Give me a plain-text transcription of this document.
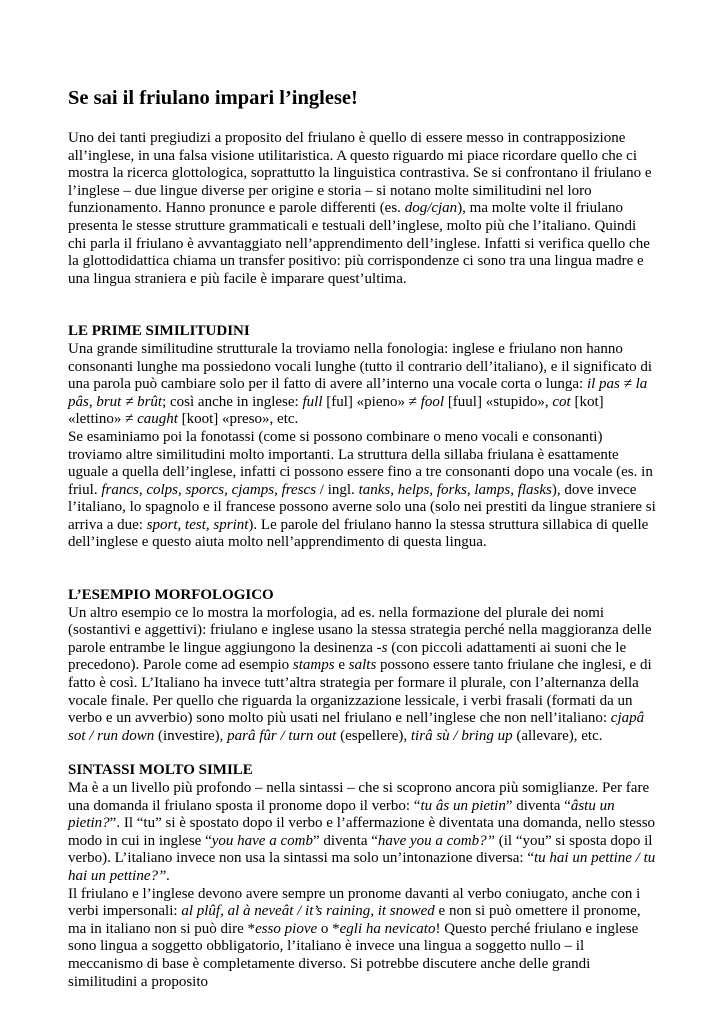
Se sai il friulano impari l’inglese!

Uno dei tanti pregiudizi a proposito del friulano è quello di essere messo in contrapposizione all’inglese, in una falsa visione utilitaristica. A questo riguardo mi piace ricordare quello che ci mostra la ricerca glottologica, soprattutto la linguistica contrastiva. Se si confrontano il friulano e l’inglese – due lingue diverse per origine e storia – si notano molte similitudini nel loro funzionamento. Hanno pronunce e parole differenti (es. dog/cjan), ma molte volte il friulano presenta le stesse strutture grammaticali e testuali dell’inglese, molto più che l’italiano. Quindi chi parla il friulano è avvantaggiato nell’apprendimento dell’inglese. Infatti si verifica quello che la glottodidattica chiama un transfer positivo: più corrispondenze ci sono tra una lingua madre e una lingua straniera e più facile è imparare quest’ultima.

LE PRIME SIMILITUDINI

Una grande similitudine strutturale la troviamo nella fonologia: inglese e friulano non hanno consonanti lunghe ma possiedono vocali lunghe (tutto il contrario dell’italiano), e il significato di una parola può cambiare solo per il fatto di avere all’interno una vocale corta o lunga: il pas ≠ la pâs, brut ≠ brût; così anche in inglese: full [ful] «pieno» ≠ fool [fuul] «stupido», cot [kot] «lettino» ≠ caught [koot] «preso», etc.

Se esaminiamo poi la fonotassi (come si possono combinare o meno vocali e consonanti) troviamo altre similitudini molto importanti. La struttura della sillaba friulana è esattamente uguale a quella dell’inglese, infatti ci possono essere fino a tre consonanti dopo una vocale (es. in friul. francs, colps, sporcs, cjamps, frescs / ingl. tanks, helps, forks, lamps, flasks), dove invece l’italiano, lo spagnolo e il francese possono averne solo una (solo nei prestiti da lingue straniere si arriva a due: sport, test, sprint). Le parole del friulano hanno la stessa struttura sillabica di quelle dell’inglese e questo aiuta molto nell’apprendimento di questa lingua.

L’ESEMPIO MORFOLOGICO

Un altro esempio ce lo mostra la morfologia, ad es. nella formazione del plurale dei nomi (sostantivi e aggettivi): friulano e inglese usano la stessa strategia perché nella maggioranza delle parole entrambe le lingue aggiungono la desinenza -s (con piccoli adattamenti ai suoni che le precedono). Parole come ad esempio stamps e salts possono essere tanto friulane che inglesi, e di fatto è così. L’Italiano ha invece tutt’altra strategia per formare il plurale, con l’alternanza della vocale finale. Per quello che riguarda la organizzazione lessicale, i verbi frasali (formati da un verbo e un avverbio) sono molto più usati nel friulano e nell’inglese che non nell’italiano: cjapâ sot / run down (investire), parâ fûr / turn out (espellere), tirâ sù / bring up (allevare), etc.

SINTASSI MOLTO SIMILE

Ma è a un livello più profondo – nella sintassi – che si scoprono ancora più somiglianze. Per fare una domanda il friulano sposta il pronome dopo il verbo: “tu âs un pietin” diventa “âstu un pietin?”. Il “tu” si è spostato dopo il verbo e l’affermazione è diventata una domanda, nello stesso modo in cui in inglese “you have a comb” diventa “have you a comb?” (il “you” si sposta dopo il verbo). L’italiano invece non usa la sintassi ma solo un’intonazione diversa: “tu hai un pettine / tu hai un pettine?”.

Il friulano e l’inglese devono avere sempre un pronome davanti al verbo coniugato, anche con i verbi impersonali: al plûf, al à neveât / it’s raining, it snowed e non si può omettere il pronome, ma in italiano non si può dire *esso piove o *egli ha nevicato! Questo perché friulano e inglese sono lingua a soggetto obbligatorio, l’italiano è invece una lingua a soggetto nullo – il meccanismo di base è completamente diverso. Si potrebbe discutere anche delle grandi similitudini a proposito
